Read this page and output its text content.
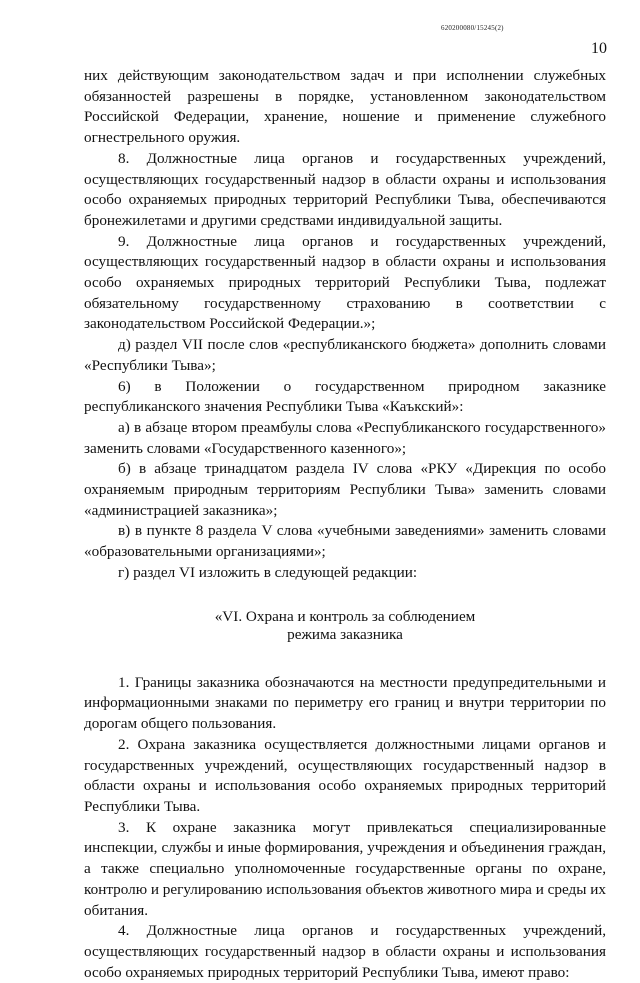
620200080/15245(2)
10

них действующим законодательством задач и при исполнении служебных обязанностей разрешены в порядке, установленном законодательством Российской Федерации, хранение, ношение и применение служебного огнестрельного оружия.

8. Должностные лица органов и государственных учреждений, осуществляющих государственный надзор в области охраны и использования особо охраняемых природных территорий Республики Тыва, обеспечиваются бронежилетами и другими средствами индивидуальной защиты.

9. Должностные лица органов и государственных учреждений, осуществляющих государственный надзор в области охраны и использования особо охраняемых природных территорий Республики Тыва, подлежат обязательному государственному страхованию в соответствии с законодательством Российской Федерации.»;

д) раздел VII после слов «республиканского бюджета» дополнить словами «Республики Тыва»;

6) в Положении о государственном природном заказнике республиканского значения Республики Тыва «Каъкский»:

а) в абзаце втором преамбулы слова «Республиканского государственного» заменить словами «Государственного казенного»;

б) в абзаце тринадцатом раздела IV слова «РКУ «Дирекция по особо охраняемым природным территориям Республики Тыва» заменить словами «администрацией заказника»;

в) в пункте 8 раздела V слова «учебными заведениями» заменить словами «образовательными организациями»;

г) раздел VI изложить в следующей редакции:

«VI. Охрана и контроль за соблюдением
режима заказника

1. Границы заказника обозначаются на местности предупредительными и информационными знаками по периметру его границ и внутри территории по дорогам общего пользования.

2. Охрана заказника осуществляется должностными лицами органов и государственных учреждений, осуществляющих государственный надзор в области охраны и использования особо охраняемых природных территорий Республики Тыва.

3. К охране заказника могут привлекаться специализированные инспекции, службы и иные формирования, учреждения и объединения граждан, а также специально уполномоченные государственные органы по охране, контролю и регулированию использования объектов животного мира и среды их обитания.

4. Должностные лица органов и государственных учреждений, осуществляющих государственный надзор в области охраны и использования особо охраняемых природных территорий Республики Тыва, имеют право:
